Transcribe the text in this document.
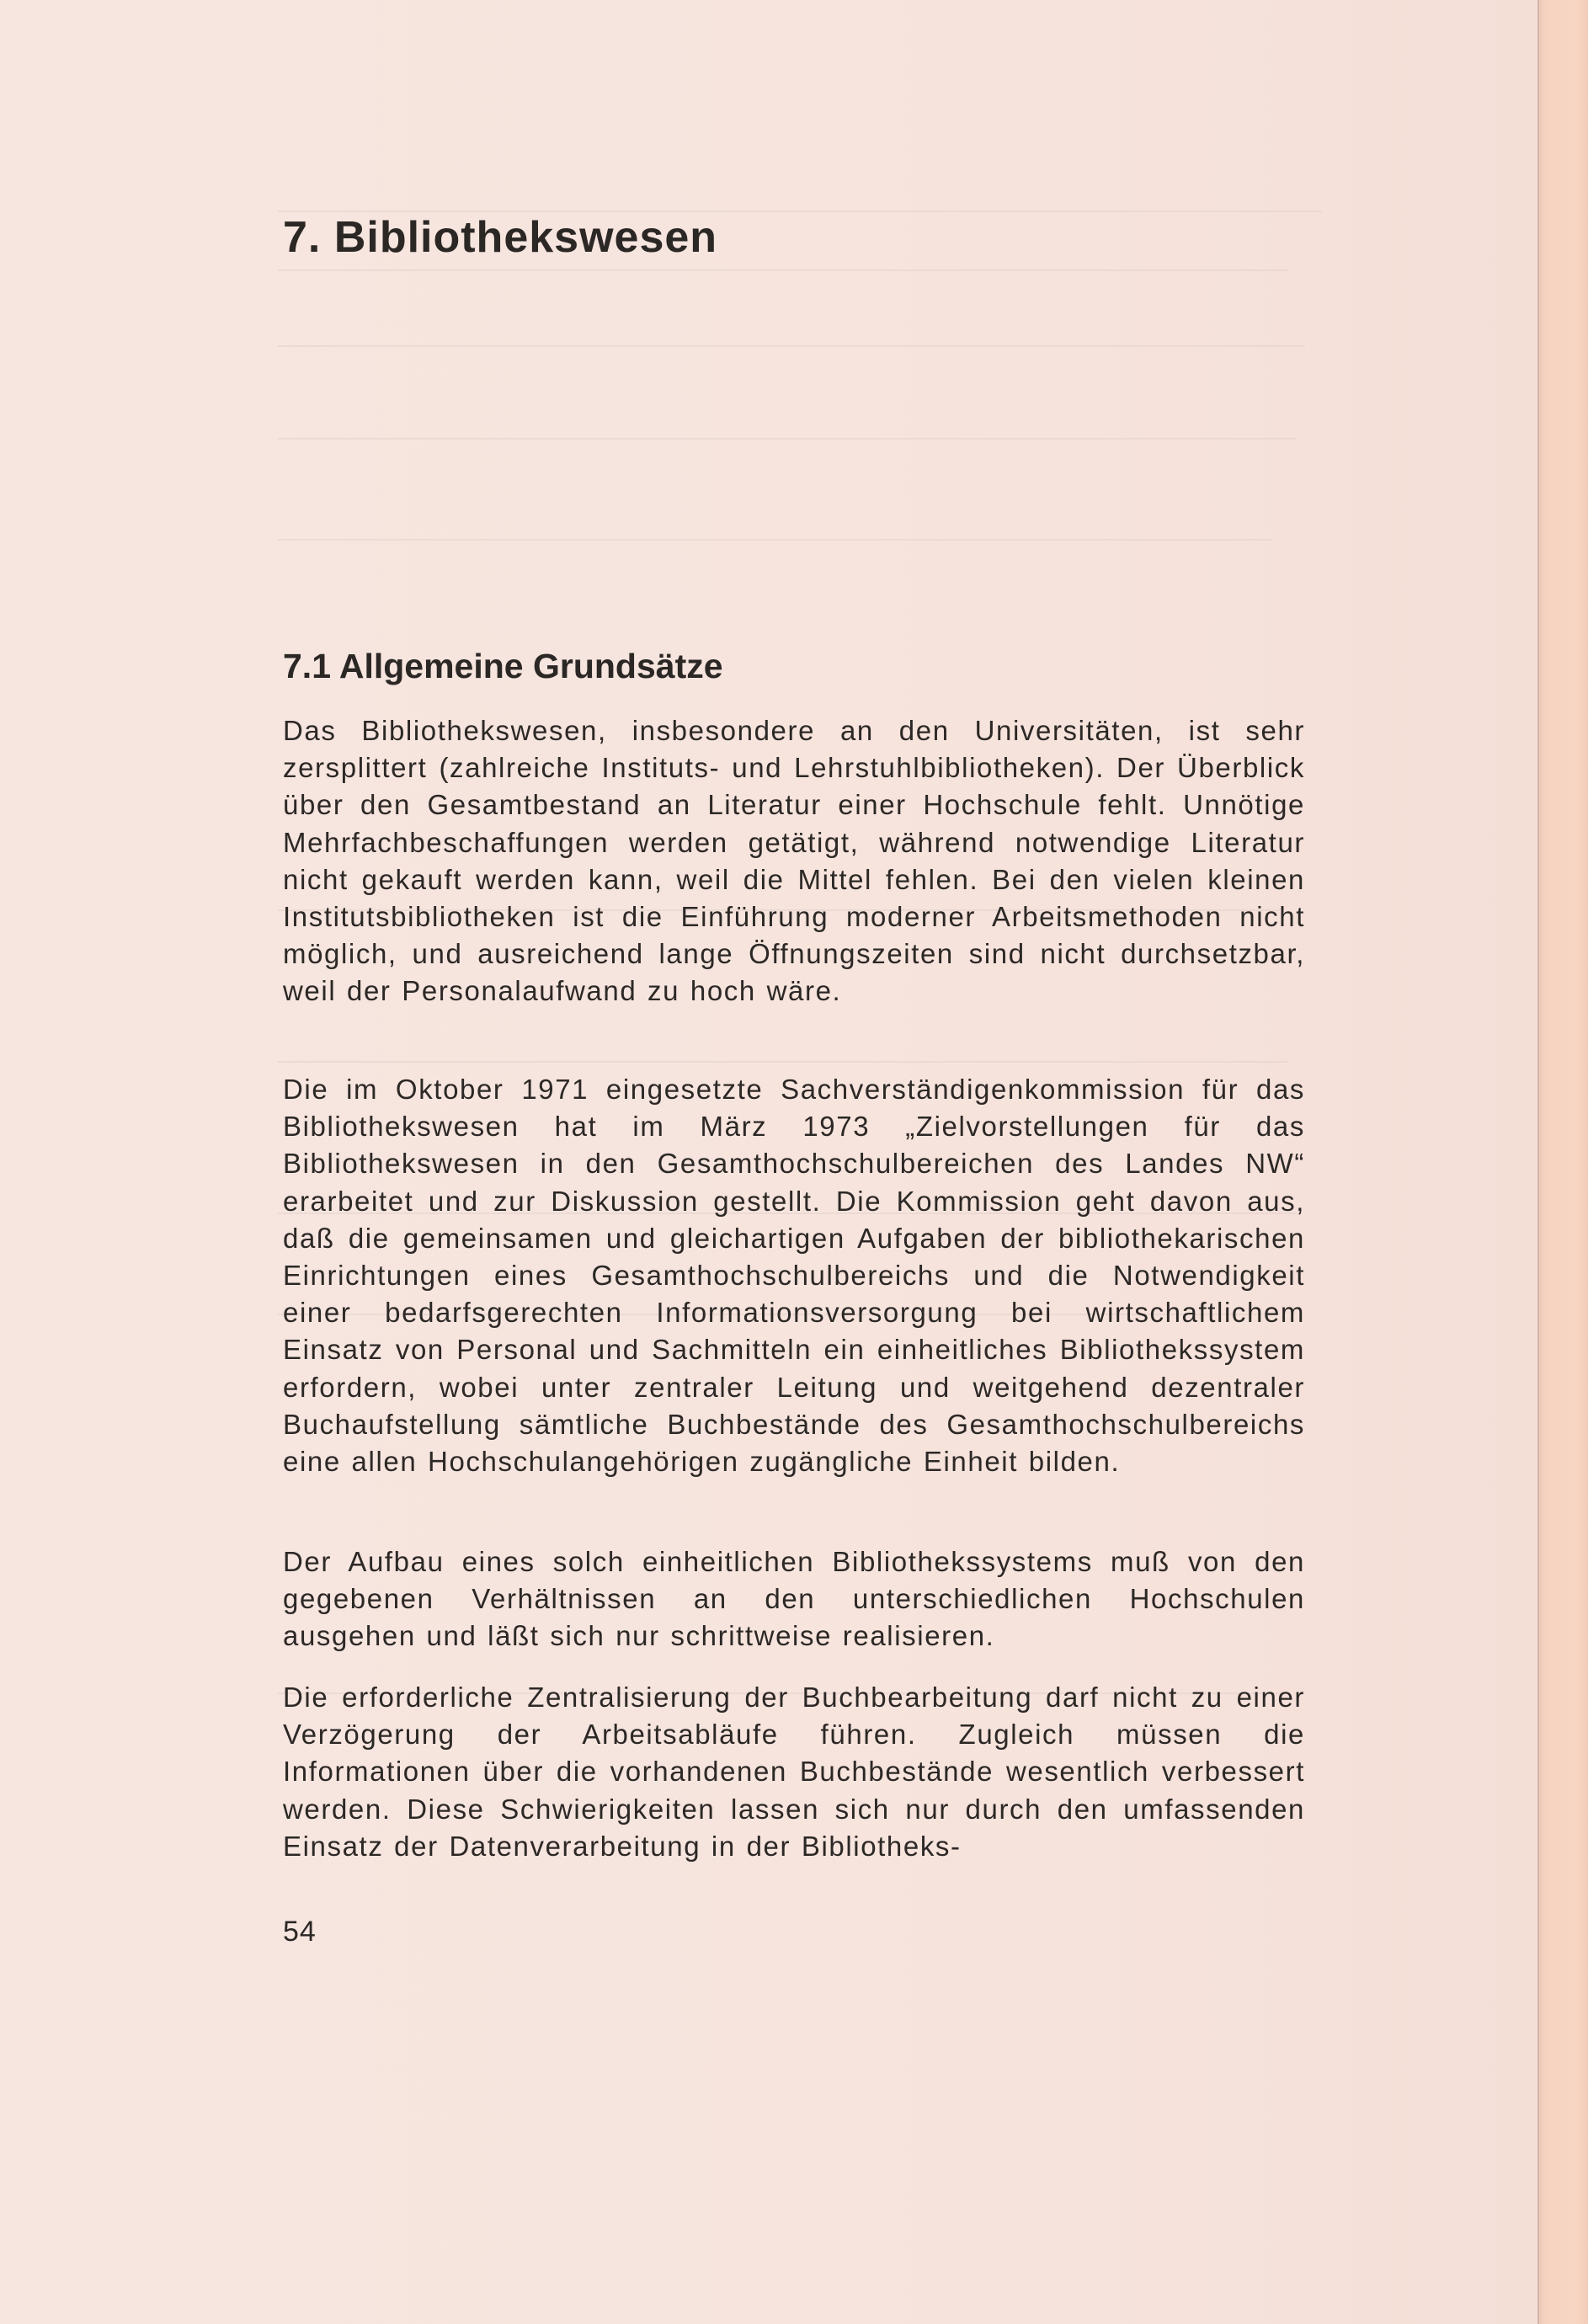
7. Bibliothekswesen
7.1 Allgemeine Grundsätze

Das Bibliothekswesen, insbesondere an den Universitäten, ist sehr zersplittert (zahlreiche Instituts- und Lehrstuhlbibliotheken). Der Überblick über den Gesamtbestand an Literatur einer Hochschule fehlt. Unnötige Mehrfachbeschaffungen werden getätigt, während notwendige Literatur nicht gekauft werden kann, weil die Mittel fehlen. Bei den vielen kleinen Institutsbibliotheken ist die Einführung moderner Arbeitsmethoden nicht möglich, und ausreichend lange Öffnungszeiten sind nicht durchsetzbar, weil der Personalaufwand zu hoch wäre.

Die im Oktober 1971 eingesetzte Sachverständigenkommission für das Bibliothekswesen hat im März 1973 „Zielvorstellungen für das Bibliothekswesen in den Gesamthochschulbereichen des Landes NW“ erarbeitet und zur Diskussion gestellt. Die Kommission geht davon aus, daß die gemeinsamen und gleichartigen Aufgaben der bibliothekarischen Einrichtungen eines Gesamthochschulbereichs und die Notwendigkeit einer bedarfsgerechten Informationsversorgung bei wirtschaftlichem Einsatz von Personal und Sachmitteln ein einheitliches Bibliothekssystem erfordern, wobei unter zentraler Leitung und weitgehend dezentraler Buchaufstellung sämtliche Buchbestände des Gesamthochschulbereichs eine allen Hochschulangehörigen zugängliche Einheit bilden.

Der Aufbau eines solch einheitlichen Bibliothekssystems muß von den gegebenen Verhältnissen an den unterschiedlichen Hochschulen ausgehen und läßt sich nur schrittweise realisieren.

Die erforderliche Zentralisierung der Buchbearbeitung darf nicht zu einer Verzögerung der Arbeitsabläufe führen. Zugleich müssen die Informationen über die vorhandenen Buchbestände wesentlich verbessert werden. Diese Schwierigkeiten lassen sich nur durch den umfassenden Einsatz der Datenverarbeitung in der Bibliotheks-

54
